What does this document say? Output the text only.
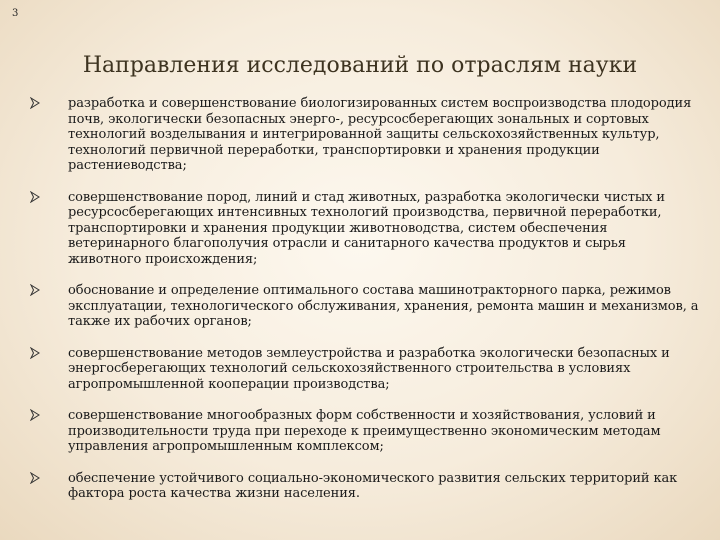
3
Направления исследований по отраслям науки
разработка и совершенствование биологизированных систем воспроизводства плодородия почв, экологически безопасных энерго-, ресурсосберегающих зональных и сортовых технологий возделывания и интегрированной защиты сельскохозяйственных культур, технологий первичной переработки, транспортировки и хранения продукции растениеводства;
совершенствование пород, линий и стад животных, разработка экологически чистых и ресурсосберегающих интенсивных технологий производства, первичной переработки, транспортировки и хранения продукции животноводства, систем обеспечения ветеринарного благополучия отрасли и санитарного качества продуктов и сырья животного происхождения;
обоснование и определение оптимального состава машинотракторного парка, режимов эксплуатации, технологического обслуживания, хранения, ремонта машин и механизмов, а также их рабочих органов;
совершенствование методов землеустройства и разработка экологически безопасных и энергосберегающих технологий сельскохозяйственного строительства в условиях агропромышленной кооперации производства;
совершенствование многообразных форм собственности и хозяйствования, условий и производительности труда при переходе к преимущественно экономическим методам управления агропромышленным комплексом;
обеспечение устойчивого социально-экономического развития сельских территорий как фактора роста качества жизни населения.
